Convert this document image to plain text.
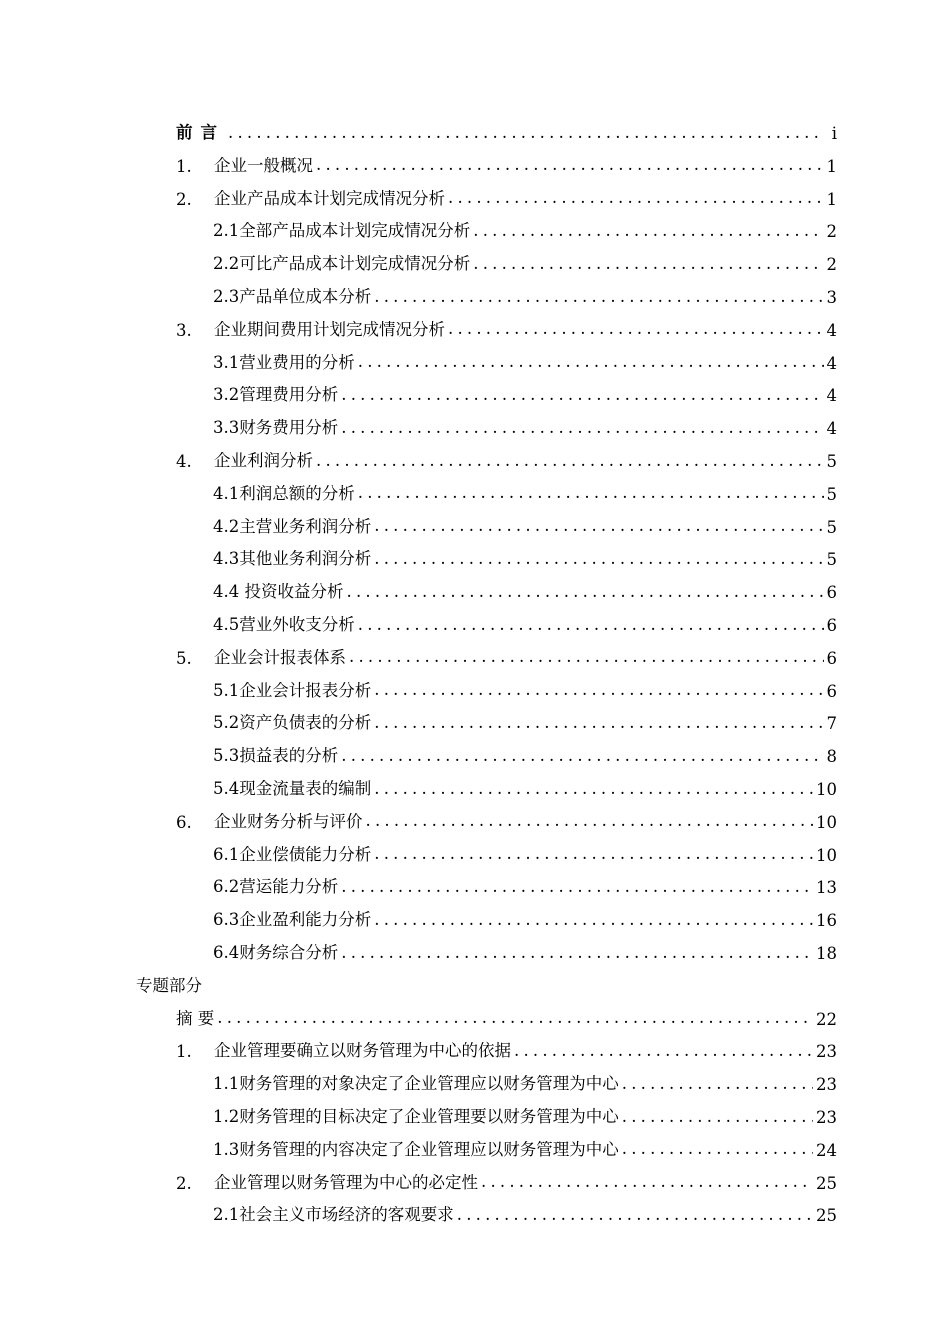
前言 .....	i
1.	企业一般概况 .....	1
2.	企业产品成本计划完成情况分析 .....	1
2.1全部产品成本计划完成情况分析 .....	2
2.2可比产品成本计划完成情况分析 .....	2
2.3产品单位成本分析 .....	3
3.	企业期间费用计划完成情况分析 .....	4
3.1营业费用的分析 .....	4
3.2管理费用分析 .....	4
3.3财务费用分析 .....	4
4.	企业利润分析 .....	5
4.1利润总额的分析 .....	5
4.2主营业务利润分析 .....	5
4.3其他业务利润分析 .....	5
4.4 投资收益分析 .....	6
4.5营业外收支分析 .....	6
5.	企业会计报表体系 .....	6
5.1企业会计报表分析 .....	6
5.2资产负债表的分析 .....	7
5.3损益表的分析 .....	8
5.4现金流量表的编制 .....	10
6.	企业财务分析与评价 .....	10
6.1企业偿债能力分析 .....	10
6.2营运能力分析 .....	13
6.3企业盈利能力分析 .....	16
6.4财务综合分析 .....	18
专题部分
摘 要 .....	22
1.	企业管理要确立以财务管理为中心的依据 .....	23
1.1财务管理的对象决定了企业管理应以财务管理为中心 .....	23
1.2财务管理的目标决定了企业管理要以财务管理为中心 .....	23
1.3财务管理的内容决定了企业管理应以财务管理为中心 .....	24
2.	企业管理以财务管理为中心的必定性 .....	25
2.1社会主义市场经济的客观要求 .....	25
